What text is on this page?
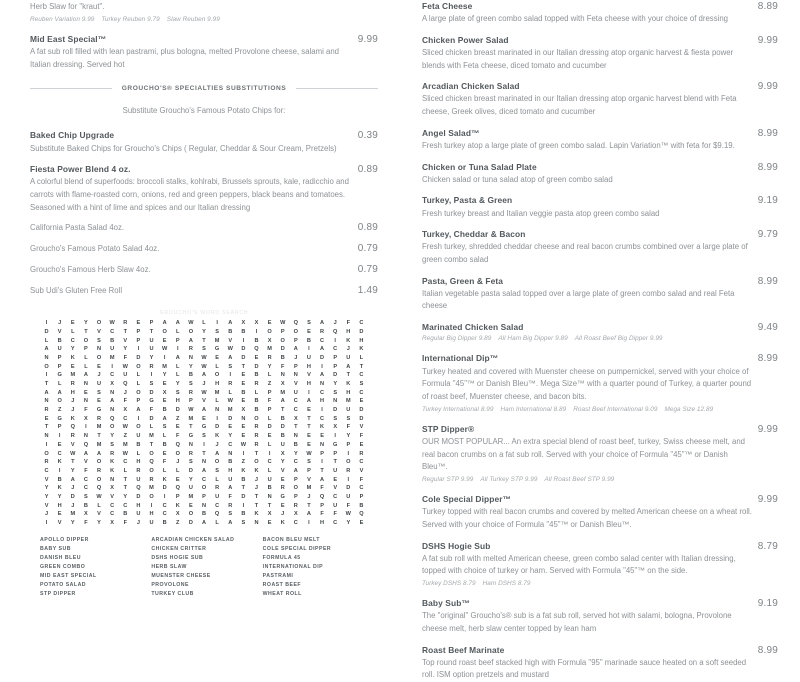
Herb Slaw for "kraut".
Reuben Variation 9.99 Turkey Reuben 9.79 Slaw Reuben 9.99
Mid East Special™	9.99
A fat sub roll filled with lean pastrami, plus bologna, melted Provolone cheese, salami and Italian dressing. Served hot
GROUCHO'S® SPECIALTIES SUBSTITUTIONS
Substitute Groucho's Famous Potato Chips for:
Baked Chip Upgrade	0.39
Substitute Baked Chips for Groucho's Chips ( Regular, Cheddar & Sour Cream, Pretzels)
Fiesta Power Blend 4 oz.	0.89
A colorful blend of superfoods: broccoli stalks, kohlrabi, Brussels sprouts, kale, radicchio and carrots with flame-roasted corn, onions, red and green peppers, black beans and tomatoes. Seasoned with a hint of lime and spices and our Italian dressing
California Pasta Salad 4oz.	0.89
Groucho's Famous Potato Salad 4oz.	0.79
Groucho's Famous Herb Slaw 4oz.	0.79
Sub Udi's Gluten Free Roll	1.49
GROUCHO'S WORD SEARCH
I	J	E	Y	O	W	R	E	P	A	A	W	L	I	A	X	X	E	W	Q	S	A	J	F	C
D	V	L	T	V	C	T	P	T	O	L	O	Y	S	B	B	I	O	P	O	E	R	Q	H	D
L	B	C	O	S	B	V	P	U	E	P	A	T	M	V	I	B	X	O	P	B	C	I	K	H
A	U	Y	P	N	U	Y	I	U	W	I	R	S	G	W	D	Q	M	D	A	I	A	C	J	K
N	P	K	L	O	M	F	D	Y	I	A	N	W	E	A	D	E	R	B	J	U	D	P	U	L
O	P	E	L	E	I	W	O	R	M	L	Y	W	L	S	T	D	Y	F	P	H	I	P	A	T
I	G	M	A	J	C	U	L	I	Y	L	B	A	O	I	E	B	L	N	N	V	A	D	T	C
T	L	R	N	U	X	Q	L	S	E	Y	S	J	H	R	E	R	Z	X	V	H	N	Y	K	S
A	A	H	E	S	N	J	O	D	X	S	R	W	M	L	B	L	P	M	U	I	C	S	H	C
N	O	J	N	E	A	F	P	G	E	H	P	V	L	W	E	B	F	A	C	A	H	N	M	E
R	Z	J	F	G	N	X	A	F	B	D	W	A	N	M	X	B	P	T	C	E	I	D	U	D
E	G	K	X	R	Q	C	I	D	A	Z	M	E	I	D	N	O	L	B	X	T	C	S	S	D
T	P	Q	I	M	O	W	O	L	S	E	T	G	D	E	E	R	D	D	T	T	K	X	F	V
N	I	R	N	T	Y	Z	U	M	L	F	G	S	K	Y	E	R	E	B	N	E	E	I	Y	F
I	E	V	Q	M	S	M	B	T	B	Q	N	I	J	C	W	R	L	U	B	E	N	G	P	E
O	C	W	A	A	R	W	L	O	E	O	R	T	A	N	I	T	I	X	Y	W	P	P	I	R
R	K	T	V	O	K	C	H	Q	F	J	S	N	O	B	Z	O	C	Y	C	S	I	T	O	C
C	I	Y	F	R	K	L	R	O	L	L	D	A	S	H	K	K	L	V	A	P	T	U	R	V
V	B	A	C	O	N	T	U	R	K	E	Y	C	L	U	B	J	U	E	P	V	A	E	I	F
Y	K	J	C	Q	X	T	Q	M	D	Q	U	O	R	A	T	J	B	R	O	M	F	V	D	C
Y	Y	D	S	W	V	Y	D	O	I	P	M	P	U	F	D	T	N	G	P	J	Q	C	U	P
V	H	J	B	L	C	C	H	I	C	K	E	N	C	R	I	T	T	E	R	T	P	U	F	B
J	E	M	X	V	C	B	U	H	C	X	O	B	Q	S	B	K	X	J	X	A	F	F	W	Q
I	V	Y	F	Y	X	F	J	U	B	Z	D	A	L	A	S	N	E	K	C	I	H	C	Y	E
APOLLO DIPPER	ARCADIAN CHICKEN SALAD	BACON BLEU MELT
BABY SUB	CHICKEN CRITTER	COLE SPECIAL DIPPER
DANISH BLEU	DSHS HOGIE SUB	FORMULA 45
GREEN COMBO	HERB SLAW	INTERNATIONAL DIP
MID EAST SPECIAL	MUENSTER CHEESE	PASTRAMI
POTATO SALAD	PROVOLONE	ROAST BEEF
STP DIPPER	TURKEY CLUB	WHEAT ROLL
Feta Cheese	8.89
A large plate of green combo salad topped with Feta cheese with your choice of dressing
Chicken Power Salad	9.99
Sliced chicken breast marinated in our Italian dressing atop organic harvest & fiesta power blends with Feta cheese, diced tomato and cucumber
Arcadian Chicken Salad	9.99
Sliced chicken breast marinated in our Italian dressing atop organic harvest blend with Feta cheese, Greek olives, diced tomato and cucumber
Angel Salad™	8.99
Fresh turkey atop a large plate of green combo salad. Lapin Variation™ with feta for $9.19.
Chicken or Tuna Salad Plate	8.99
Chicken salad or tuna salad atop of green combo salad
Turkey, Pasta & Green	9.19
Fresh turkey breast and Italian veggie pasta atop green combo salad
Turkey, Cheddar & Bacon	9.79
Fresh turkey, shredded cheddar cheese and real bacon crumbs combined over a large plate of green combo salad
Pasta, Green & Feta	8.99
Italian vegetable pasta salad topped over a large plate of green combo salad and real Feta cheese
Marinated Chicken Salad	9.49
Regular Big Dipper 9.89 All Ham Big Dipper 9.89 All Roast Beef Big Dipper 9.99
International Dip™	8.99
Turkey heated and covered with Muenster cheese on pumpernickel, served with your choice of Formula "45"™ or Danish Bleu™. Mega Size™ with a quarter pound of Turkey, a quarter pound of roast beef, Muenster cheese, and bacon bits.
Turkey International 8.99 Ham International 8.89 Roast Beef International 9.09 Mega Size 12.89
STP Dipper®	9.99
OUR MOST POPULAR... An extra special blend of roast beef, turkey, Swiss cheese melt, and real bacon crumbs on a fat sub roll. Served with your choice of Formula "45"™ or Danish Bleu™.
Regular STP 9.99 All Turkey STP 9.99 All Roast Beef STP 9.99
Cole Special Dipper™	9.99
Turkey topped with real bacon crumbs and covered by melted American cheese on a wheat roll. Served with your choice of Formula "45"™ or Danish Bleu™.
DSHS Hogie Sub	8.79
A fat sub roll with melted American cheese, green combo salad center with Italian dressing, topped with choice of turkey or ham. Served with Formula "45"™ on the side.
Turkey DSHS 8.79 Ham DSHS 8.79
Baby Sub™	9.19
The "original" Groucho's® sub is a fat sub roll, served hot with salami, bologna, Provolone cheese melt, herb slaw center topped by lean ham
Roast Beef Marinate	8.99
Top round roast beef stacked high with Formula "95" marinade sauce heated on a soft seeded roll. ISM option pretzels and mustard
